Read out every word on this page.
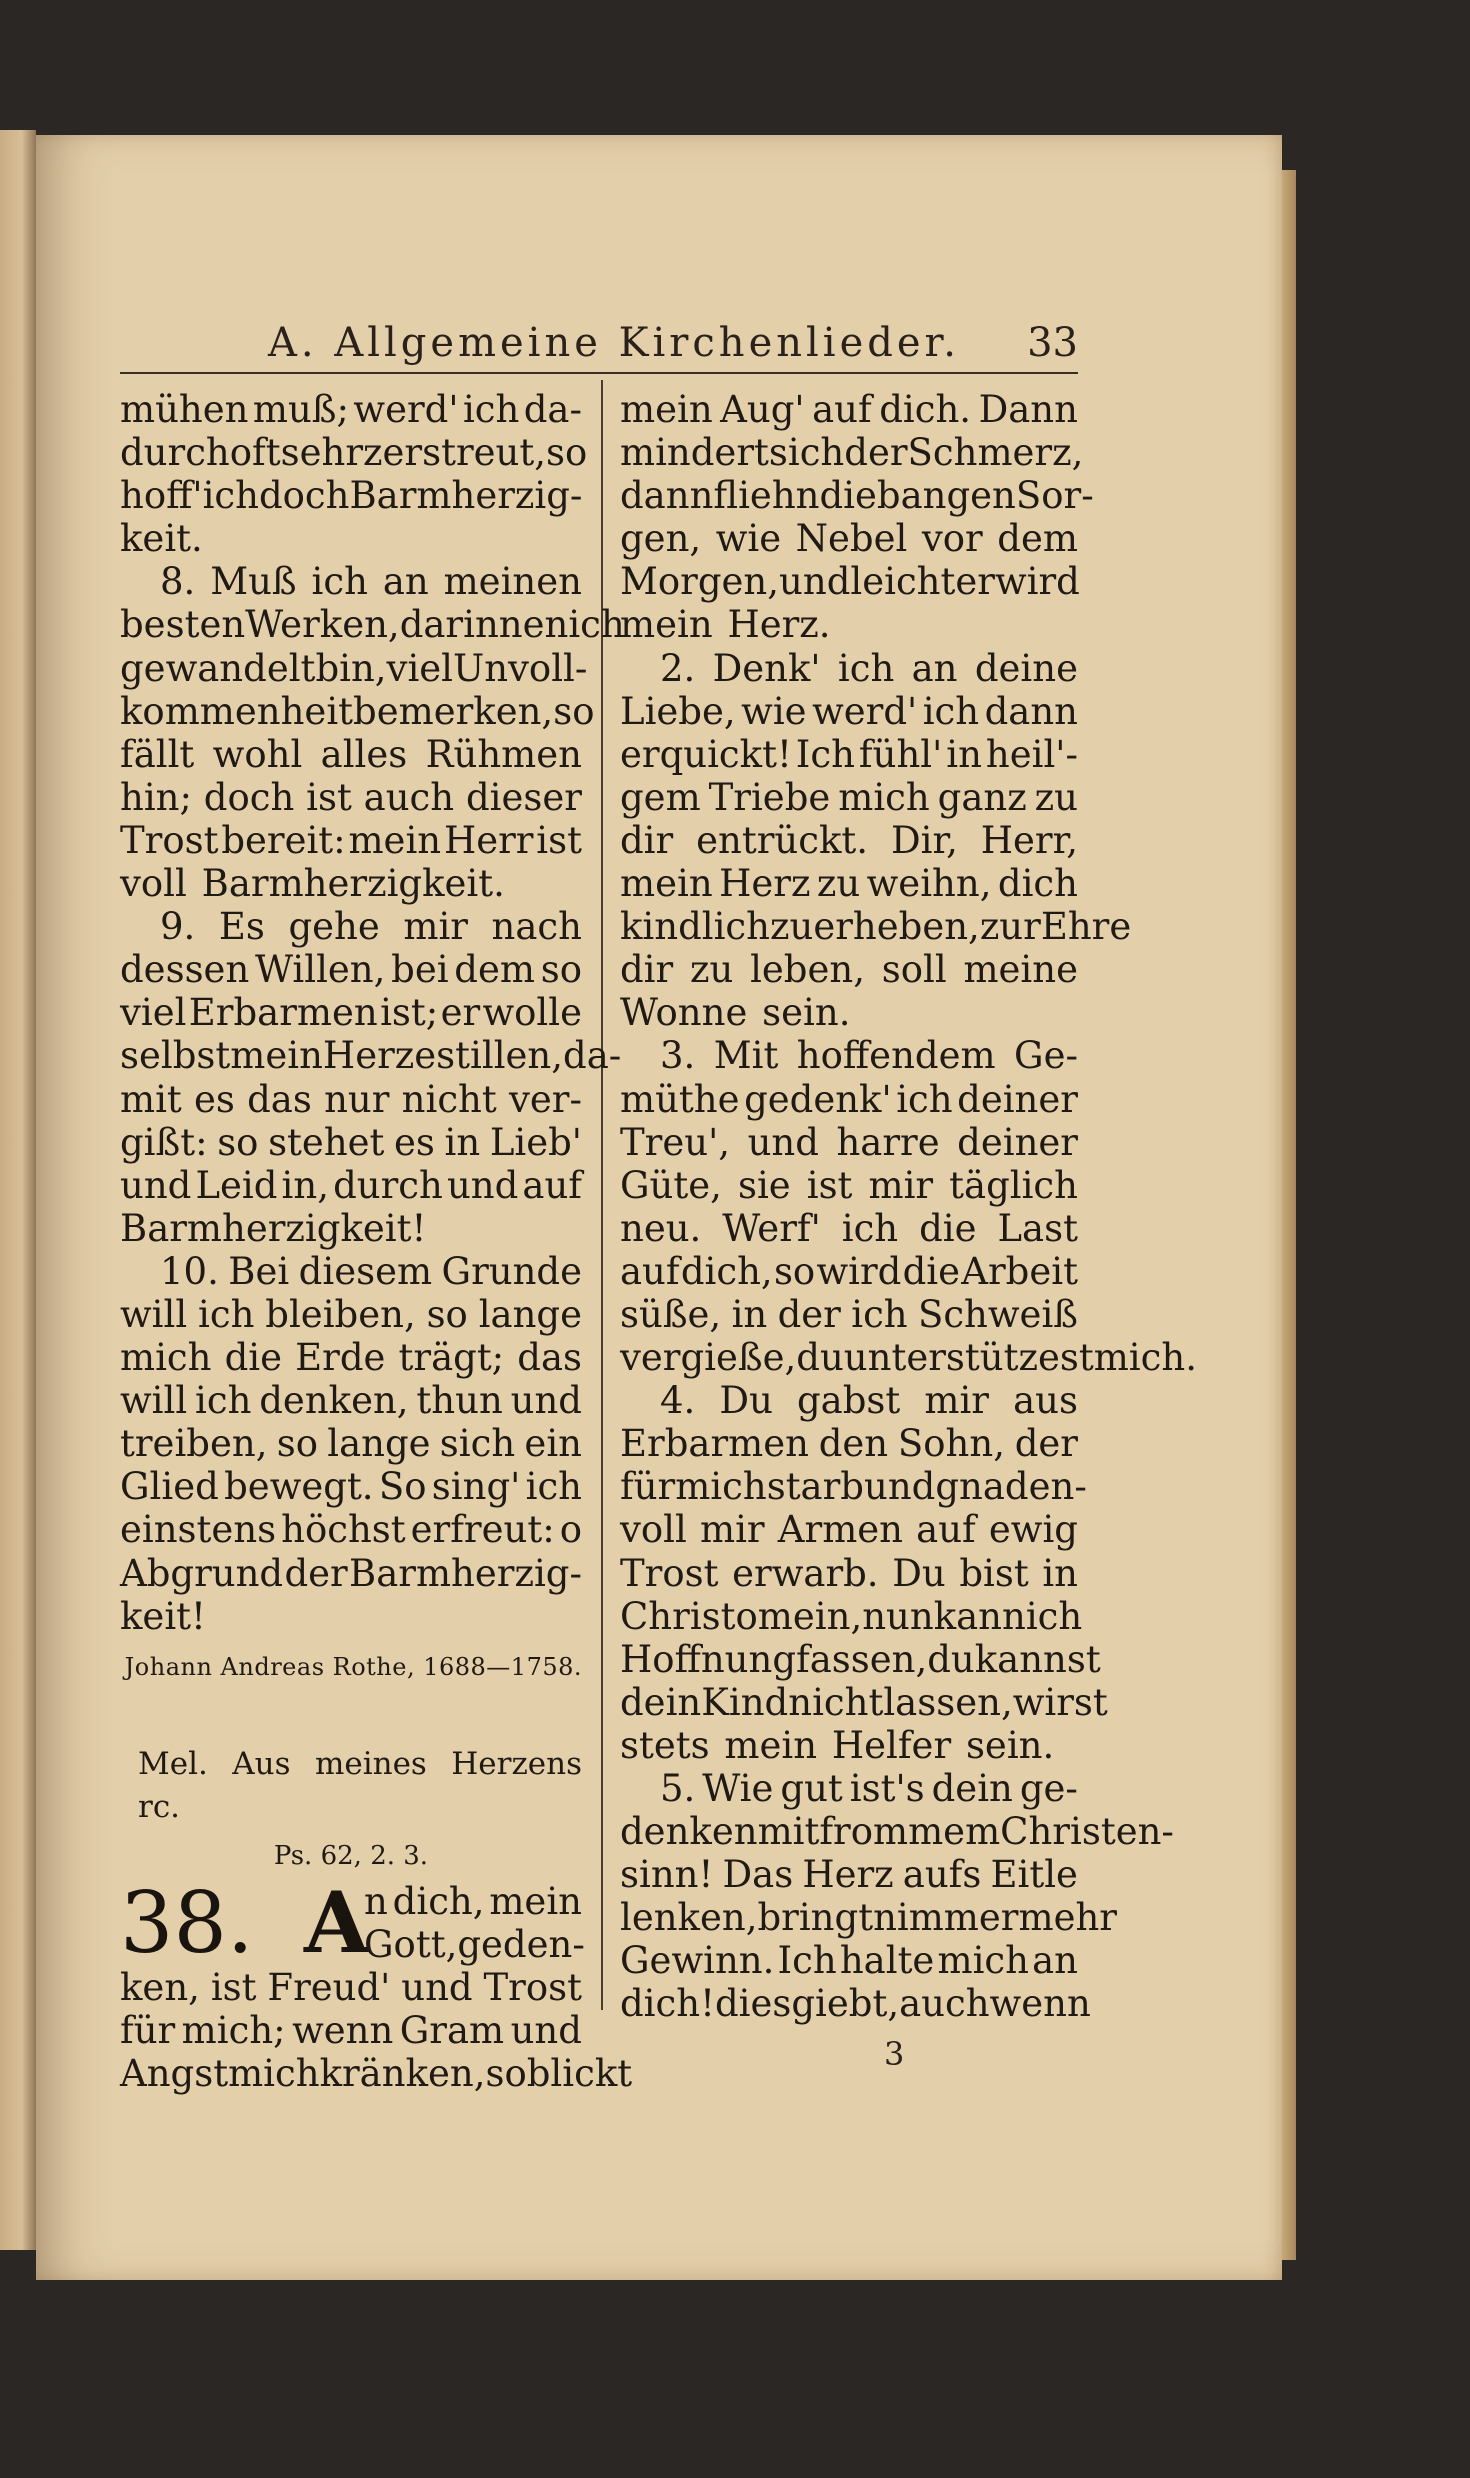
A. Allgemeine Kirchenlieder. 33
mühen muß; werd' ich da-
durch oft sehr zerstreut, so
hoff' ich doch Barmherzig-
keit.
8. Muß ich an meinen
besten Werken, darinnen ich
gewandelt bin, viel Unvoll-
kommenheit bemerken, so
fällt wohl alles Rühmen
hin; doch ist auch dieser
Trost bereit: mein Herr ist
voll Barmherzigkeit.
9. Es gehe mir nach
dessen Willen, bei dem so
viel Erbarmen ist; er wolle
selbst mein Herze stillen, da-
mit es das nur nicht ver-
gißt: so stehet es in Lieb'
und Leid in, durch und auf
Barmherzigkeit!
10. Bei diesem Grunde
will ich bleiben, so lange
mich die Erde trägt; das
will ich denken, thun und
treiben, so lange sich ein
Glied bewegt. So sing' ich
einstens höchst erfreut: o
Abgrund der Barmherzig-
keit!
Johann Andreas Rothe, 1688—1758.
Mel. Aus meines Herzens rc.
Ps. 62, 2. 3.
38. A
n dich, mein
Gott, geden-
ken, ist Freud' und Trost
für mich; wenn Gram und
Angst mich kränken, so blickt
mein Aug' auf dich. Dann
mindert sich der Schmerz,
dann fliehn die bangen Sor-
gen, wie Nebel vor dem
Morgen, und leichter wird
mein Herz.
2. Denk' ich an deine
Liebe, wie werd' ich dann
erquickt! Ich fühl' in heil'-
gem Triebe mich ganz zu
dir entrückt. Dir, Herr,
mein Herz zu weihn, dich
kindlich zu erheben, zur Ehre
dir zu leben, soll meine
Wonne sein.
3. Mit hoffendem Ge-
müthe gedenk' ich deiner
Treu', und harre deiner
Güte, sie ist mir täglich
neu. Werf' ich die Last
auf dich, so wird die Arbeit
süße, in der ich Schweiß
vergieße, du unterstützest mich.
4. Du gabst mir aus
Erbarmen den Sohn, der
für mich starb und gnaden-
voll mir Armen auf ewig
Trost erwarb. Du bist in
Christo mein, nun kann ich
Hoffnung fassen, du kannst
dein Kind nicht lassen, wirst
stets mein Helfer sein.
5. Wie gut ist's dein ge-
denken mit frommem Christen-
sinn! Das Herz aufs Eitle
lenken, bringt nimmermehr
Gewinn. Ich halte mich an
dich! dies giebt, auch wenn
3
